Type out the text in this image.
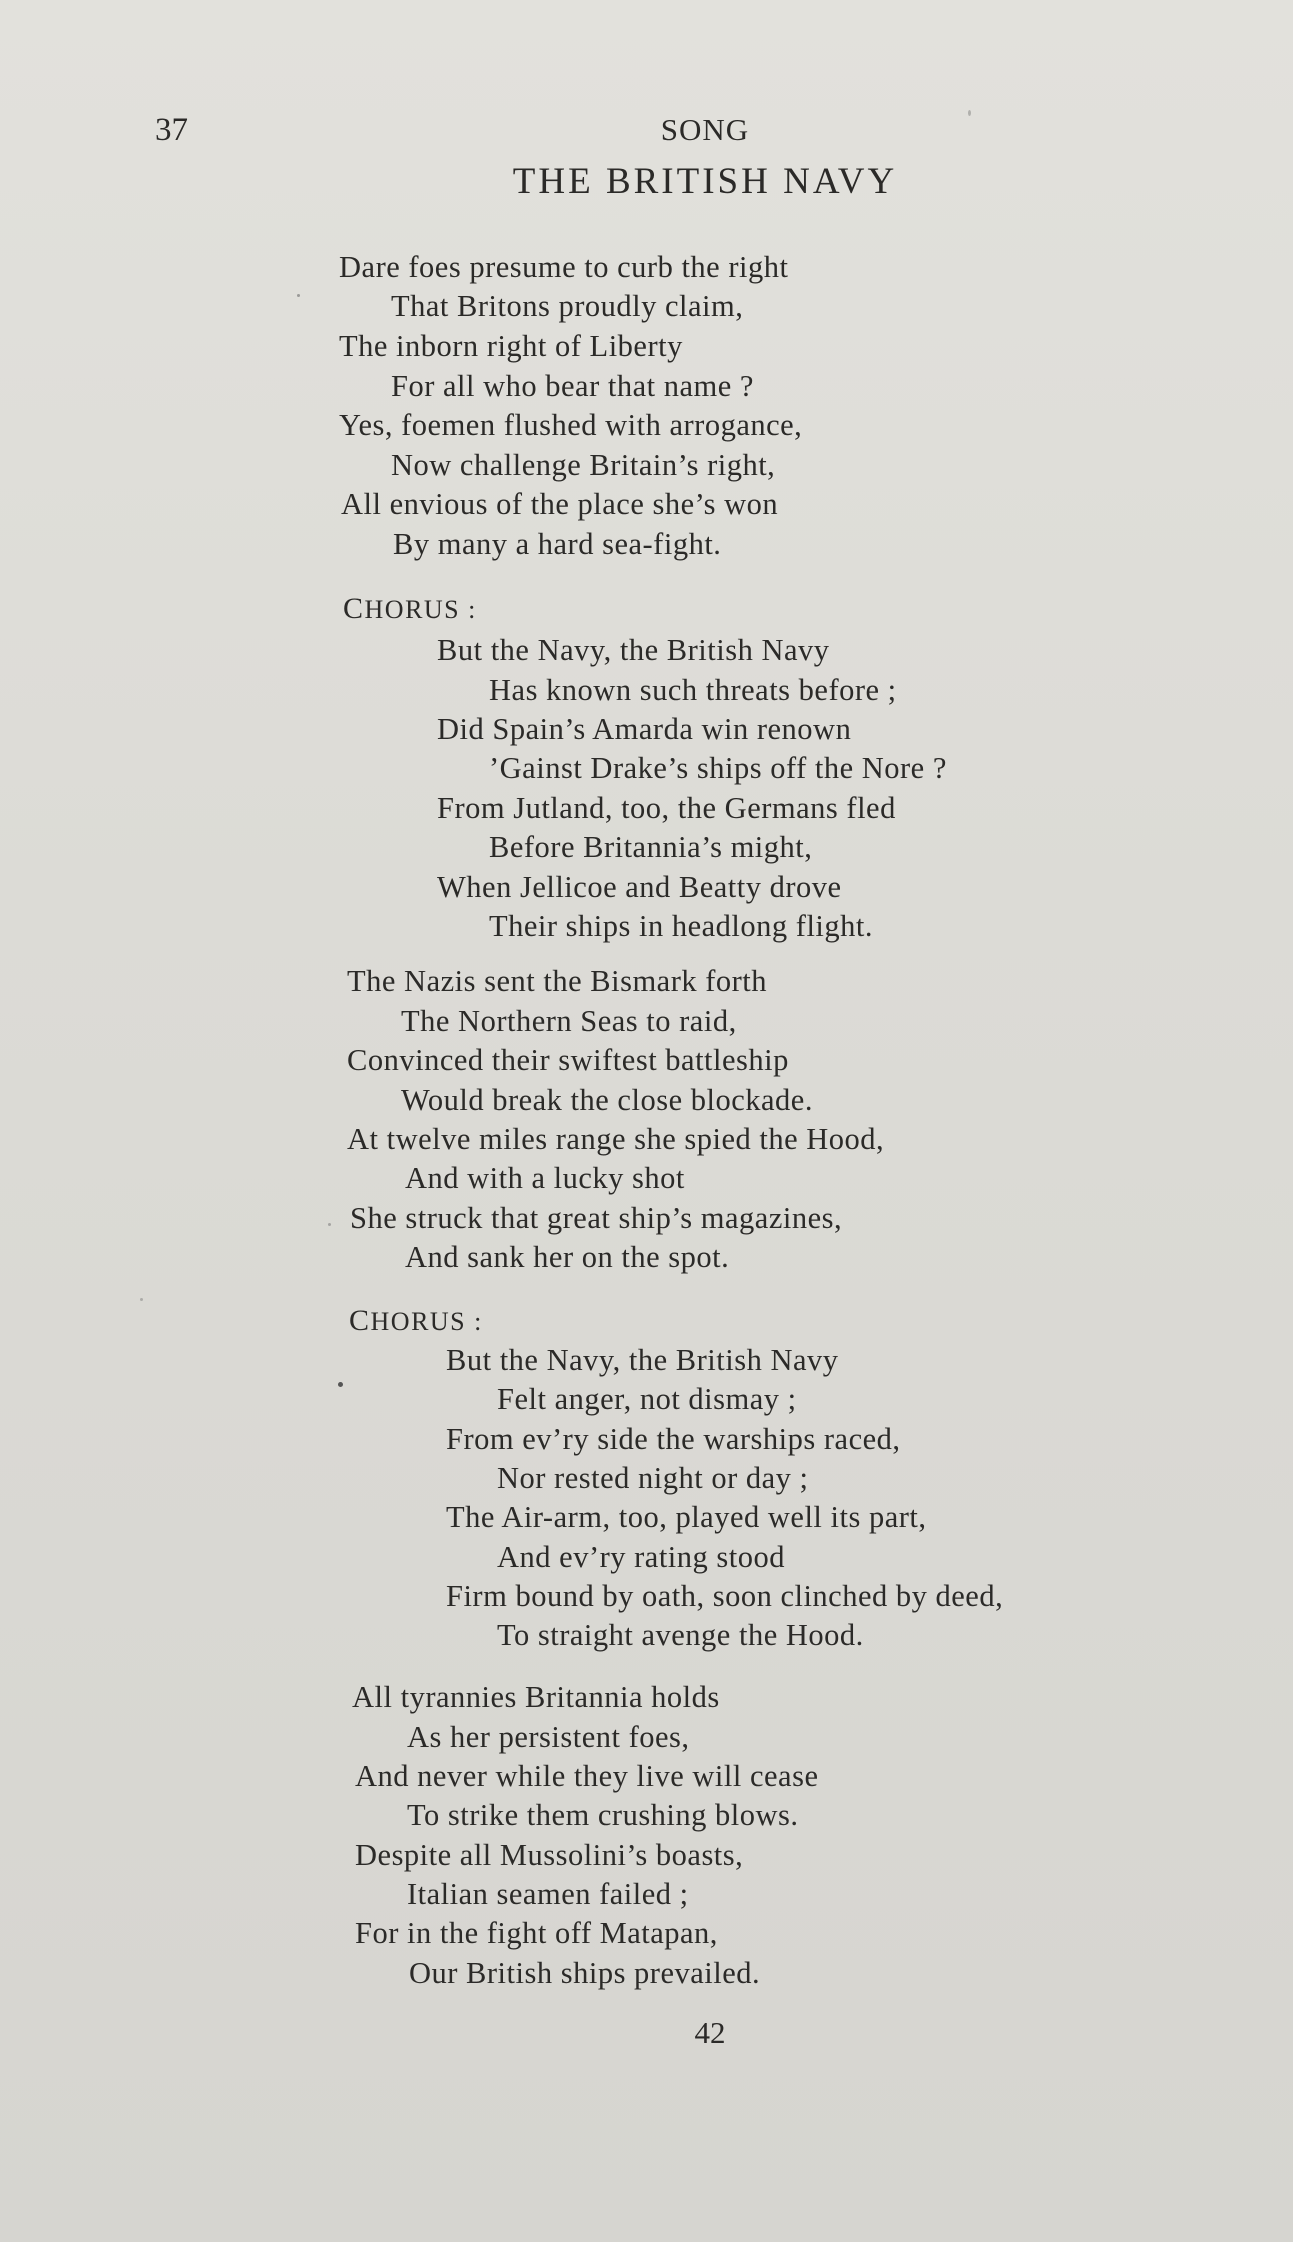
37	SONG
THE BRITISH NAVY
Dare foes presume to curb the right
That Britons proudly claim,
The inborn right of Liberty
For all who bear that name ?
Yes, foemen flushed with arrogance,
Now challenge Britain’s right,
All envious of the place she’s won
By many a hard sea-fight.
CHORUS :
But the Navy, the British Navy
Has known such threats before ;
Did Spain’s Amarda win renown
’Gainst Drake’s ships off the Nore ?
From Jutland, too, the Germans fled
Before Britannia’s might,
When Jellicoe and Beatty drove
Their ships in headlong flight.
The Nazis sent the Bismark forth
The Northern Seas to raid,
Convinced their swiftest battleship
Would break the close blockade.
At twelve miles range she spied the Hood,
And with a lucky shot
She struck that great ship’s magazines,
And sank her on the spot.
CHORUS :
But the Navy, the British Navy
Felt anger, not dismay ;
From ev’ry side the warships raced,
Nor rested night or day ;
The Air-arm, too, played well its part,
And ev’ry rating stood
Firm bound by oath, soon clinched by deed,
To straight avenge the Hood.
All tyrannies Britannia holds
As her persistent foes,
And never while they live will cease
To strike them crushing blows.
Despite all Mussolini’s boasts,
Italian seamen failed ;
For in the fight off Matapan,
Our British ships prevailed.
42
